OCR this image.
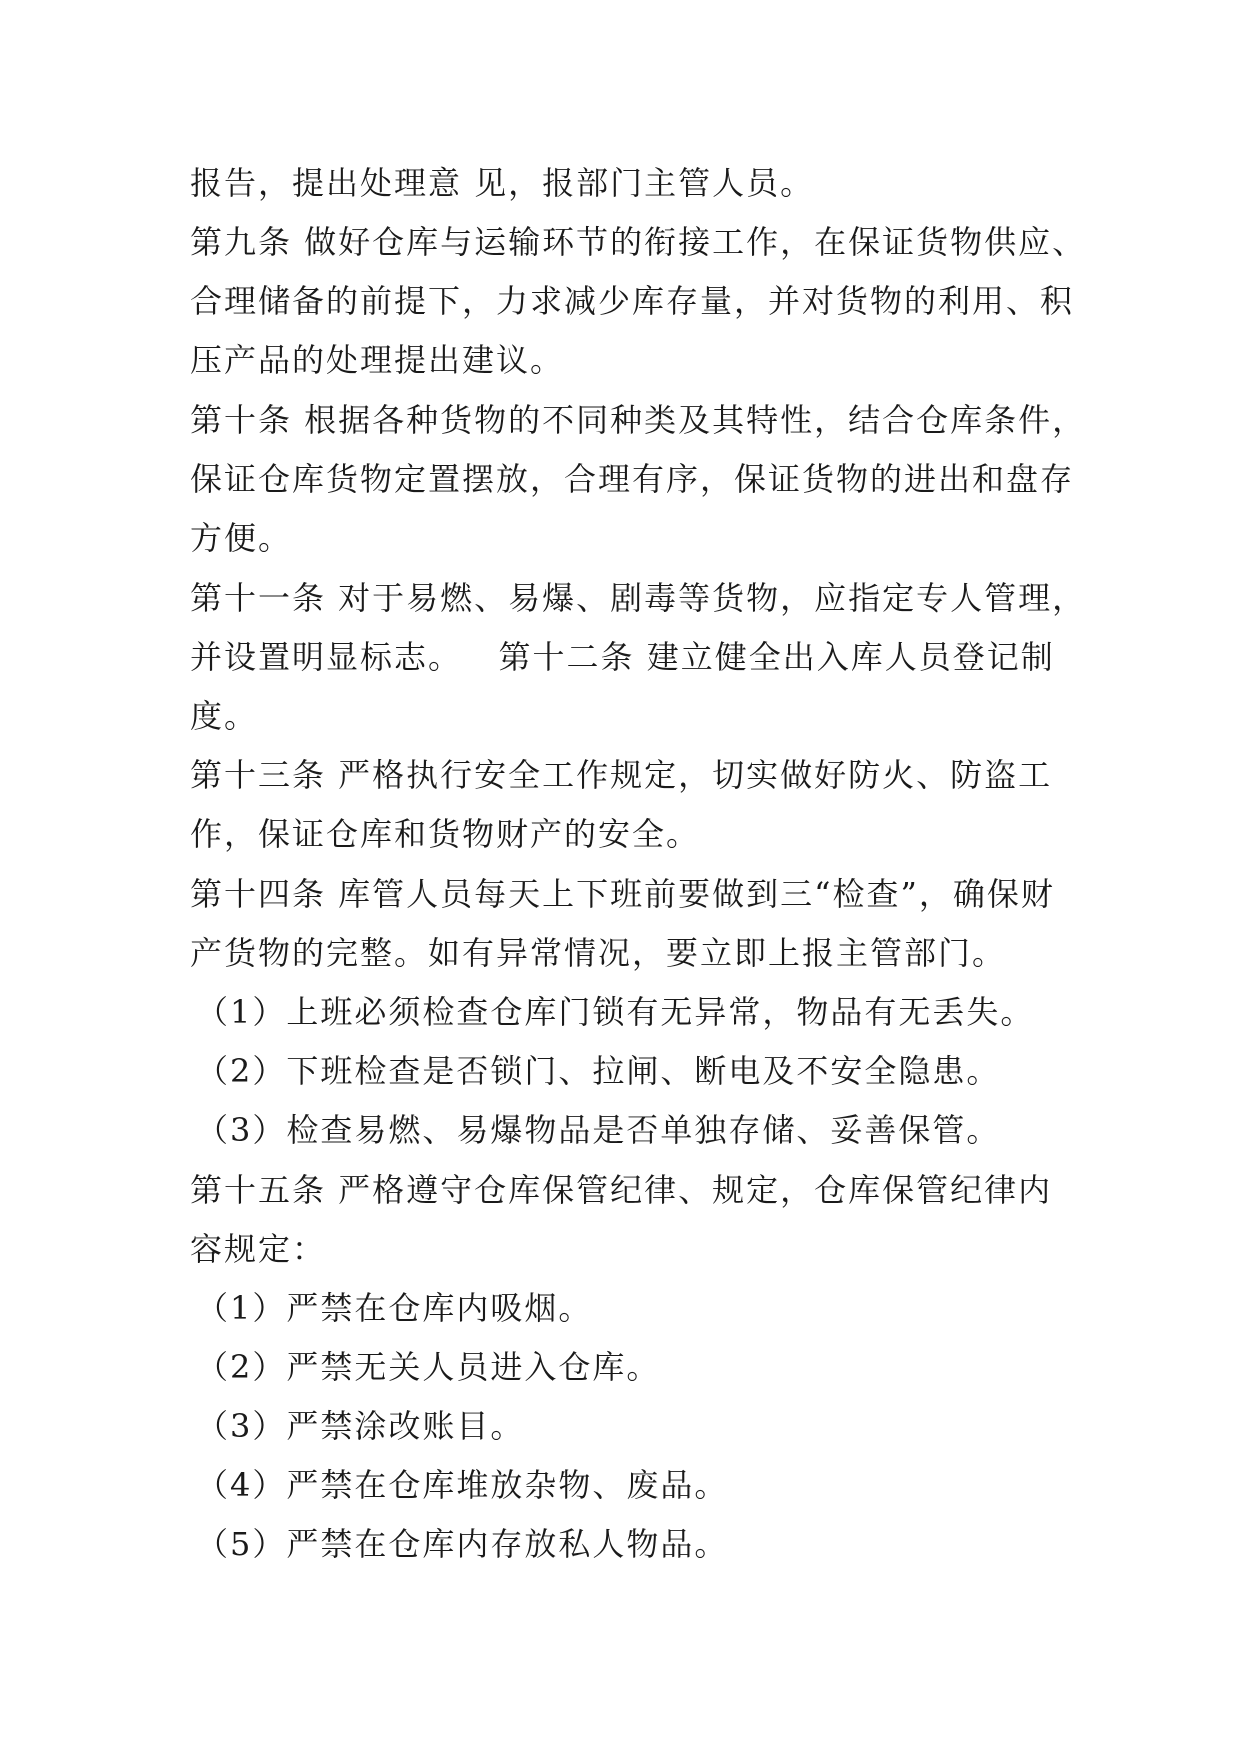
报告，提出处理意 见，报部门主管人员。
第九条 做好仓库与运输环节的衔接工作，在保证货物供应、
合理储备的前提下，力求减少库存量，并对货物的利用、积
压产品的处理提出建议。
第十条 根据各种货物的不同种类及其特性，结合仓库条件，
保证仓库货物定置摆放，合理有序，保证货物的进出和盘存
方便。
第十一条 对于易燃、易爆、剧毒等货物，应指定专人管理，
并设置明显标志。   第十二条 建立健全出入库人员登记制
度。
第十三条 严格执行安全工作规定，切实做好防火、防盗工
作，保证仓库和货物财产的安全。
第十四条 库管人员每天上下班前要做到三“检查”，确保财
产货物的完整。如有异常情况，要立即上报主管部门。
（1）上班必须检查仓库门锁有无异常，物品有无丢失。
（2）下班检查是否锁门、拉闸、断电及不安全隐患。
（3）检查易燃、易爆物品是否单独存储、妥善保管。
第十五条 严格遵守仓库保管纪律、规定，仓库保管纪律内
容规定：
（1）严禁在仓库内吸烟。
（2）严禁无关人员进入仓库。
（3）严禁涂改账目。
（4）严禁在仓库堆放杂物、废品。
（5）严禁在仓库内存放私人物品。
